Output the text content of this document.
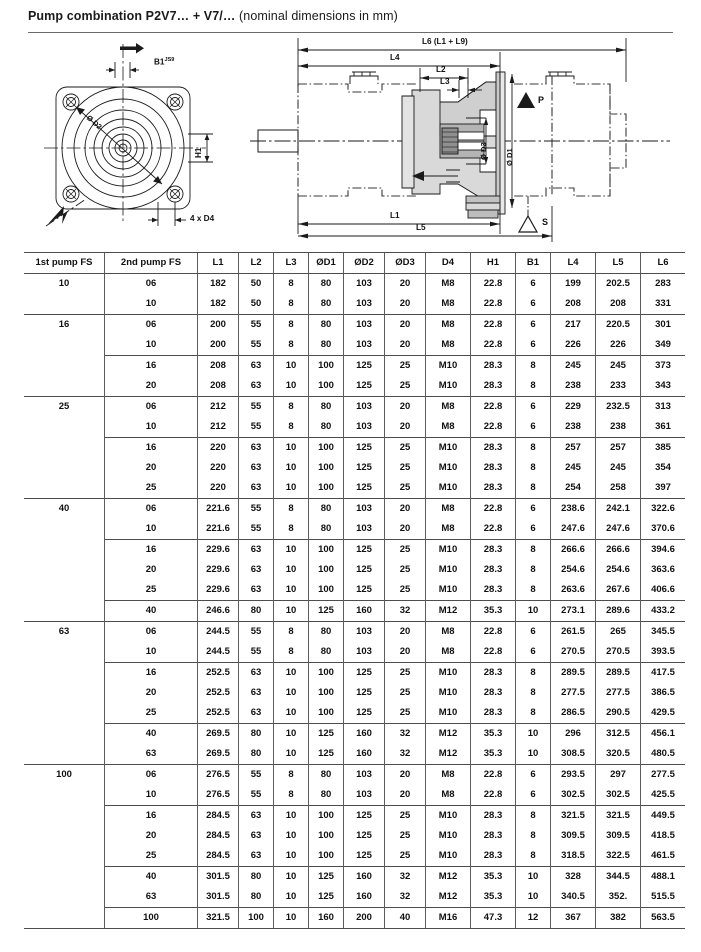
Pump combination P2V7… + V7/… (nominal dimensions in mm)
$B1^{JS9}$
Ø D2
H1
4 x D4
L6 (L1 + L9)
L4
L2
L3
Ø D1
Ø D3
L1
L5
P
S
1st pump FS	2nd pump FS	L1	L2	L3	ØD1	ØD2	ØD3	D4	H1	B1	L4	L5	L6
10	06	182	50	8	80	103	20	M8	22.8	6	199	202.5	283
	10	182	50	8	80	103	20	M8	22.8	6	208	208	331
16	06	200	55	8	80	103	20	M8	22.8	6	217	220.5	301
	10	200	55	8	80	103	20	M8	22.8	6	226	226	349
	16	208	63	10	100	125	25	M10	28.3	8	245	245	373
	20	208	63	10	100	125	25	M10	28.3	8	238	233	343
25	06	212	55	8	80	103	20	M8	22.8	6	229	232.5	313
	10	212	55	8	80	103	20	M8	22.8	6	238	238	361
	16	220	63	10	100	125	25	M10	28.3	8	257	257	385
	20	220	63	10	100	125	25	M10	28.3	8	245	245	354
	25	220	63	10	100	125	25	M10	28.3	8	254	258	397
40	06	221.6	55	8	80	103	20	M8	22.8	6	238.6	242.1	322.6
	10	221.6	55	8	80	103	20	M8	22.8	6	247.6	247.6	370.6
	16	229.6	63	10	100	125	25	M10	28.3	8	266.6	266.6	394.6
	20	229.6	63	10	100	125	25	M10	28.3	8	254.6	254.6	363.6
	25	229.6	63	10	100	125	25	M10	28.3	8	263.6	267.6	406.6
	40	246.6	80	10	125	160	32	M12	35.3	10	273.1	289.6	433.2
63	06	244.5	55	8	80	103	20	M8	22.8	6	261.5	265	345.5
	10	244.5	55	8	80	103	20	M8	22.8	6	270.5	270.5	393.5
	16	252.5	63	10	100	125	25	M10	28.3	8	289.5	289.5	417.5
	20	252.5	63	10	100	125	25	M10	28.3	8	277.5	277.5	386.5
	25	252.5	63	10	100	125	25	M10	28.3	8	286.5	290.5	429.5
	40	269.5	80	10	125	160	32	M12	35.3	10	296	312.5	456.1
	63	269.5	80	10	125	160	32	M12	35.3	10	308.5	320.5	480.5
100	06	276.5	55	8	80	103	20	M8	22.8	6	293.5	297	277.5
	10	276.5	55	8	80	103	20	M8	22.8	6	302.5	302.5	425.5
	16	284.5	63	10	100	125	25	M10	28.3	8	321.5	321.5	449.5
	20	284.5	63	10	100	125	25	M10	28.3	8	309.5	309.5	418.5
	25	284.5	63	10	100	125	25	M10	28.3	8	318.5	322.5	461.5
	40	301.5	80	10	125	160	32	M12	35.3	10	328	344.5	488.1
	63	301.5	80	10	125	160	32	M12	35.3	10	340.5	352.	515.5
	100	321.5	100	10	160	200	40	M16	47.3	12	367	382	563.5
